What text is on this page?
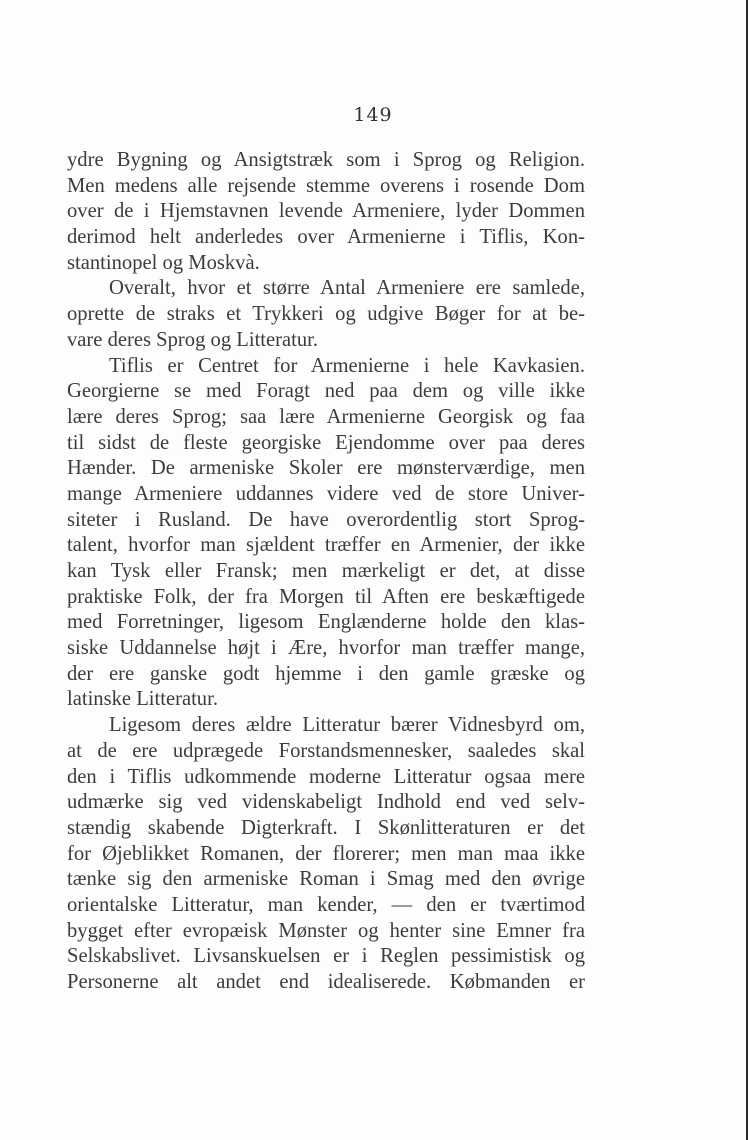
149
ydre Bygning og Ansigtstræk som i Sprog og Religion.
Men medens alle rejsende stemme overens i rosende Dom
over de i Hjemstavnen levende Armeniere, lyder Dommen
derimod helt anderledes over Armenierne i Tiflis, Kon-
stantinopel og Moskvà.
Overalt, hvor et større Antal Armeniere ere samlede,
oprette de straks et Trykkeri og udgive Bøger for at be-
vare deres Sprog og Litteratur.
Tiflis er Centret for Armenierne i hele Kavkasien.
Georgierne se med Foragt ned paa dem og ville ikke
lære deres Sprog; saa lære Armenierne Georgisk og faa
til sidst de fleste georgiske Ejendomme over paa deres
Hænder. De armeniske Skoler ere mønsterværdige, men
mange Armeniere uddannes videre ved de store Univer-
siteter i Rusland. De have overordentlig stort Sprog-
talent, hvorfor man sjældent træffer en Armenier, der ikke
kan Tysk eller Fransk; men mærkeligt er det, at disse
praktiske Folk, der fra Morgen til Aften ere beskæftigede
med Forretninger, ligesom Englænderne holde den klas-
siske Uddannelse højt i Ære, hvorfor man træffer mange,
der ere ganske godt hjemme i den gamle græske og
latinske Litteratur.
Ligesom deres ældre Litteratur bærer Vidnesbyrd om,
at de ere udprægede Forstandsmennesker, saaledes skal
den i Tiflis udkommende moderne Litteratur ogsaa mere
udmærke sig ved videnskabeligt Indhold end ved selv-
stændig skabende Digterkraft. I Skønlitteraturen er det
for Øjeblikket Romanen, der florerer; men man maa ikke
tænke sig den armeniske Roman i Smag med den øvrige
orientalske Litteratur, man kender, — den er tværtimod
bygget efter evropæisk Mønster og henter sine Emner fra
Selskabslivet. Livsanskuelsen er i Reglen pessimistisk og
Personerne alt andet end idealiserede. Købmanden er
